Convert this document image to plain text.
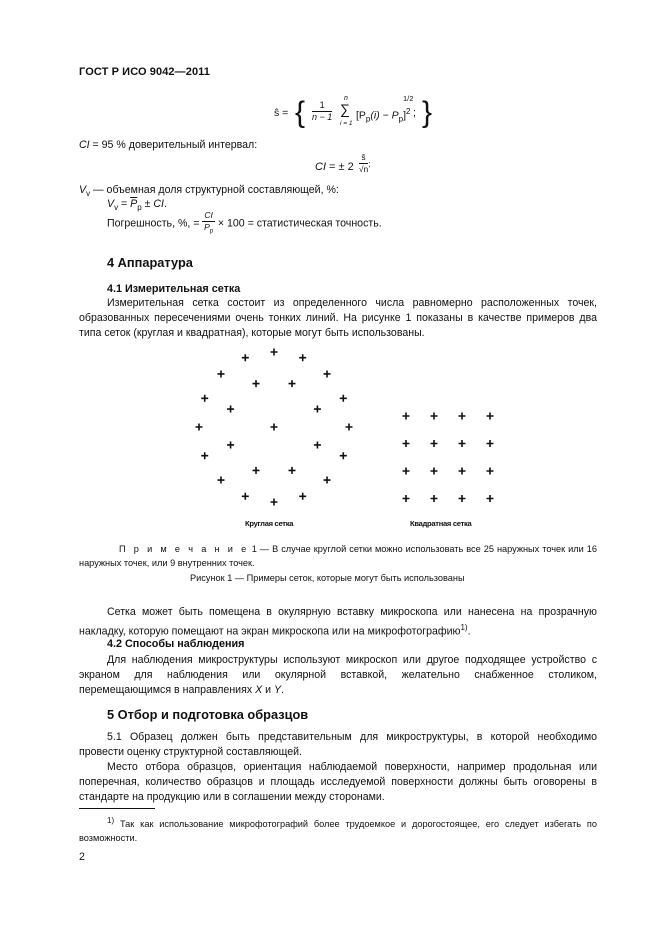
ГОСТ Р ИСО 9042—2011
ŝ = { $\frac{1}{n - 1}$
n
∑
i = 1
$[P_p(i) - P_p]^2$ }
1/2
;

CI = 95 % доверительный интервал:

CI = ± $2 \frac{ŝ}{√n}$ ;

$V_v$ — объемная доля структурной составляющей, %:

$V_v = \overline{P}_p$ ± CI.

Погрешность, %, = $\frac{CI}{\overline{P}_p} \times 100$ = статистическая точность.
4 Аппаратура
4.1 Измерительная сетка

Измерительная сетка состоит из определенного числа равномерно расположенных точек, образованных пересечениями очень тонких линий. На рисунке 1 показаны в качестве примеров два типа сеток (круглая и квадратная), которые могут быть использованы.

Круглая сетка	Квадратная сетка

П р и м е ч а н и е 1 — В случае круглой сетки можно использовать все 25 наружных точек или 16 наружных точек, или 9 внутренних точек.

Рисунок 1 — Примеры сеток, которые могут быть использованы

Сетка может быть помещена в окулярную вставку микроскопа или нанесена на прозрачную накладку, которую помещают на экран микроскопа или на микрофотографию$^{1)}$.

4.2 Способы наблюдения

Для наблюдения микроструктуры используют микроскоп или другое подходящее устройство с экраном для наблюдения или окулярной вставкой, желательно снабженное столиком, перемещающимся в направлениях X и Y.

5 Отбор и подготовка образцов

5.1 Образец должен быть представительным для микроструктуры, в которой необходимо провести оценку структурной составляющей.

Место отбора образцов, ориентация наблюдаемой поверхности, например продольная или поперечная, количество образцов и площадь исследуемой поверхности должны быть оговорены в стандарте на продукцию или в соглашении между сторонами.

$^{1)}$ Так как использование микрофотографий более трудоемкое и дорогостоящее, его следует избегать по возможности.

2
